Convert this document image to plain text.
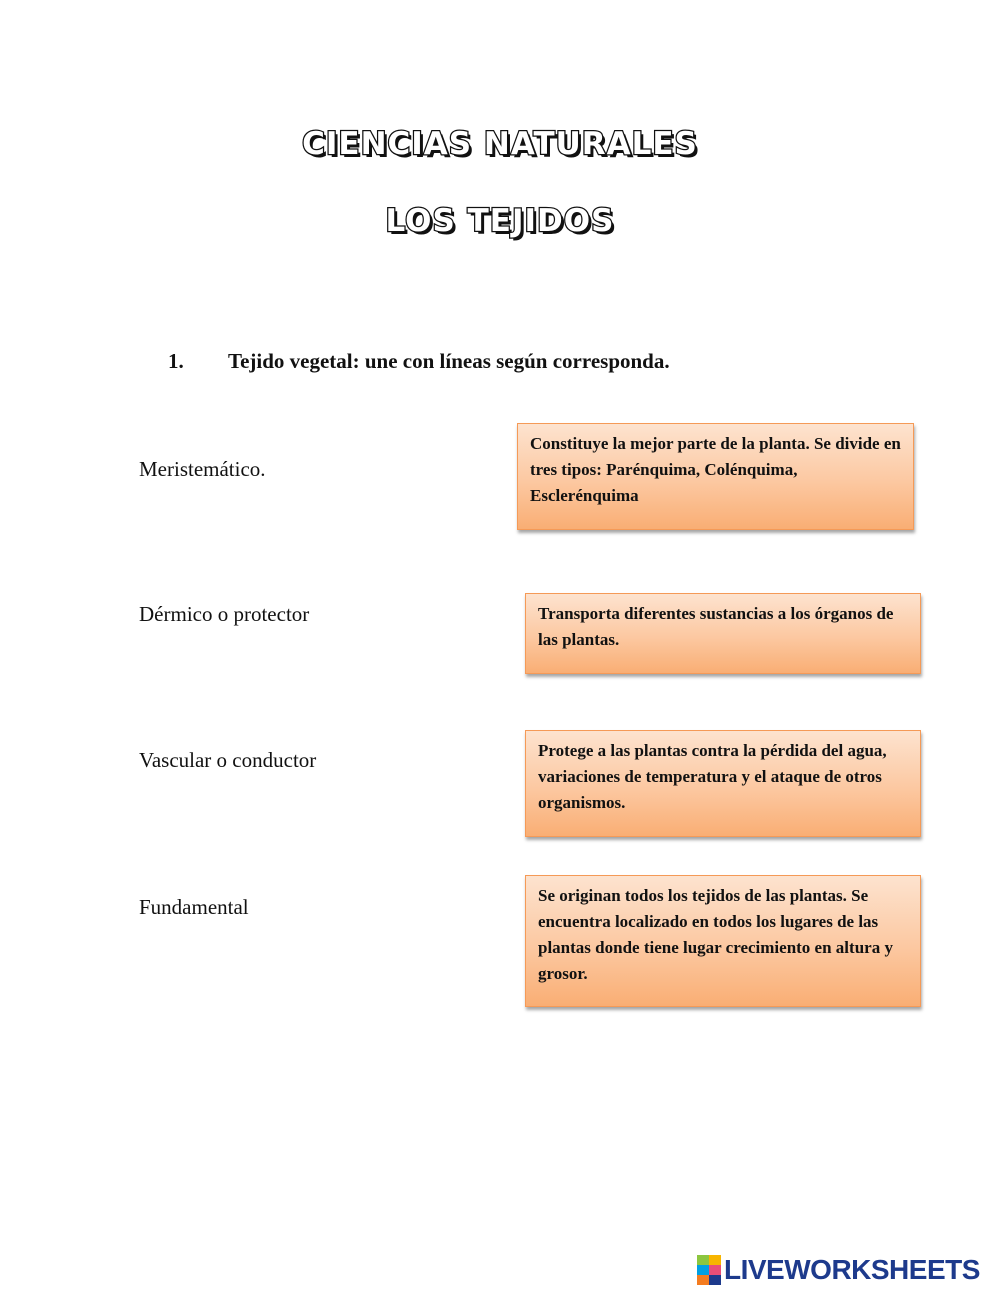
CIENCIAS NATURALES
LOS TEJIDOS
1. Tejido vegetal: une con líneas según corresponda.
Meristemático.
Dérmico o protector
Vascular o conductor
Fundamental
Constituye la mejor parte de la planta. Se divide en tres tipos: Parénquima, Colénquima, Esclerénquima
Transporta diferentes sustancias a los órganos de las plantas.
Protege a las plantas contra la pérdida del agua, variaciones de temperatura y el ataque de otros organismos.
Se originan todos los tejidos de las plantas. Se encuentra localizado en todos los lugares de las plantas donde tiene lugar crecimiento en altura y grosor.
LIVEWORKSHEETS
